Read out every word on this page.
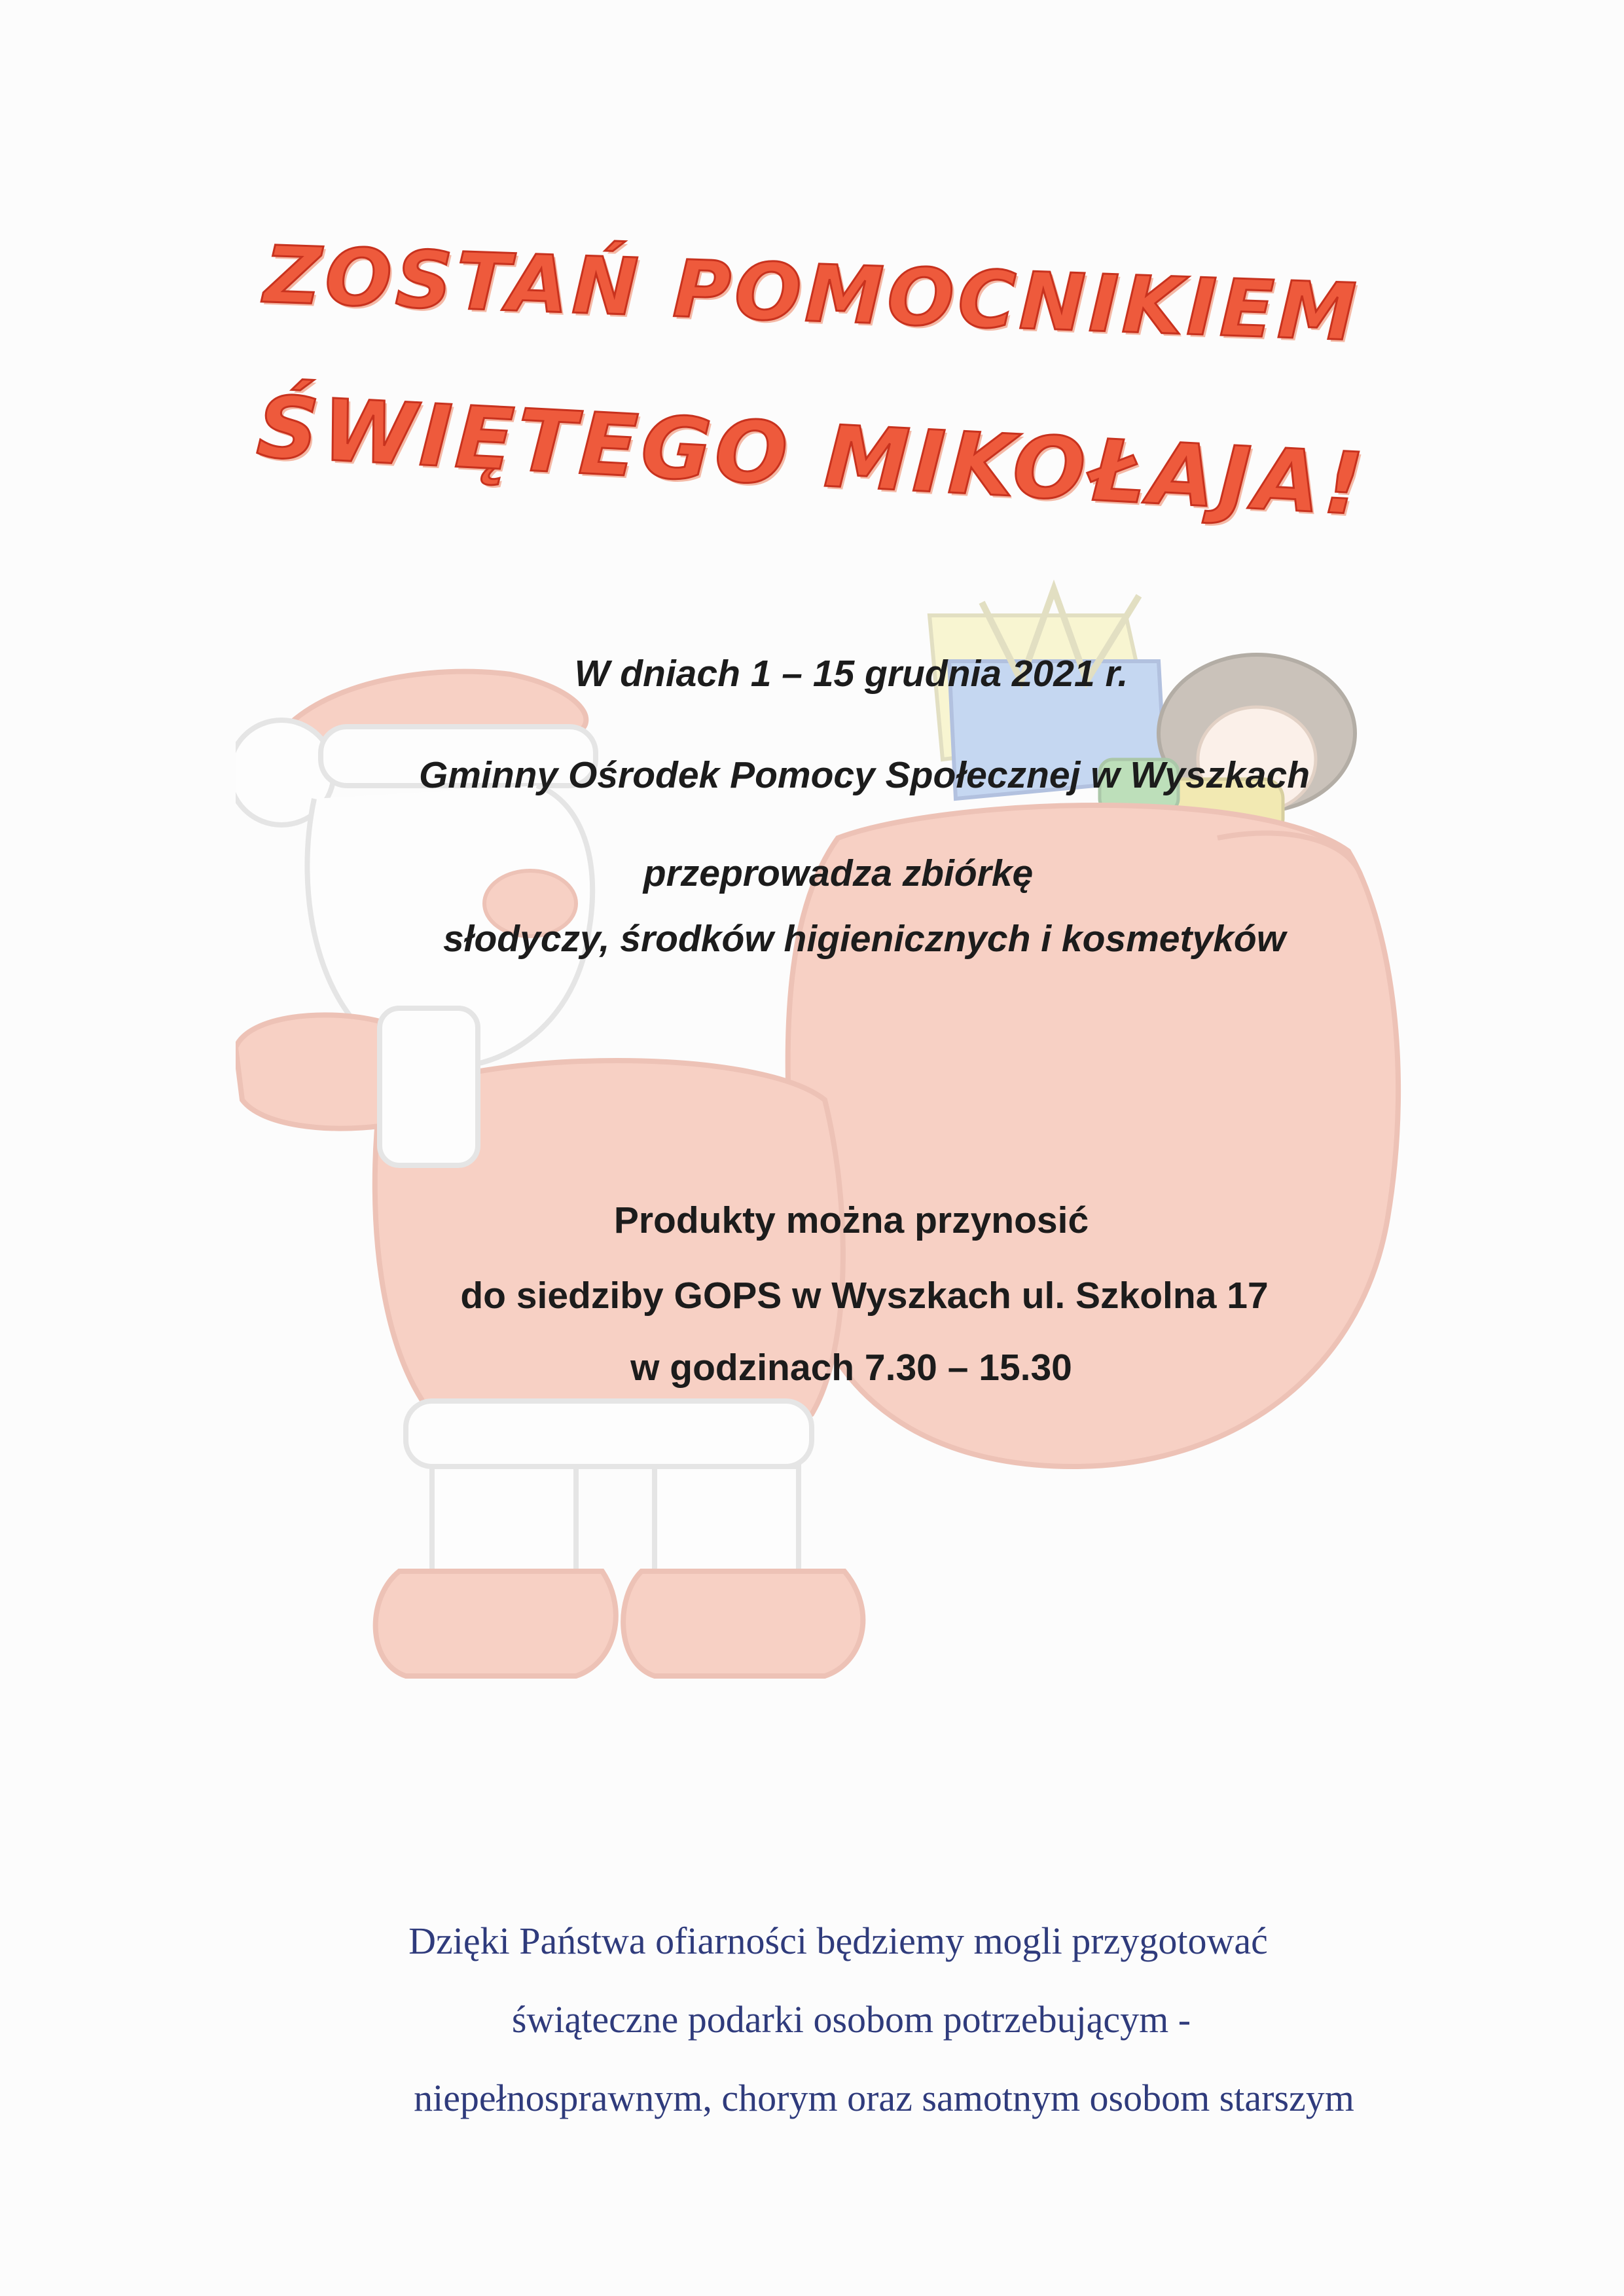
ZOSTAŃ POMOCNIKIEM
ŚWIĘTEGO MIKOŁAJA!
W dniach 1 – 15 grudnia 2021 r.
Gminny Ośrodek Pomocy Społecznej w Wyszkach
przeprowadza zbiórkę
słodyczy, środków higienicznych i kosmetyków
Produkty można przynosić
do siedziby GOPS w Wyszkach ul. Szkolna 17
w godzinach 7.30 – 15.30
Dzięki Państwa ofiarności będziemy mogli przygotować
świąteczne podarki osobom potrzebującym -
niepełnosprawnym, chorym oraz samotnym osobom starszym
